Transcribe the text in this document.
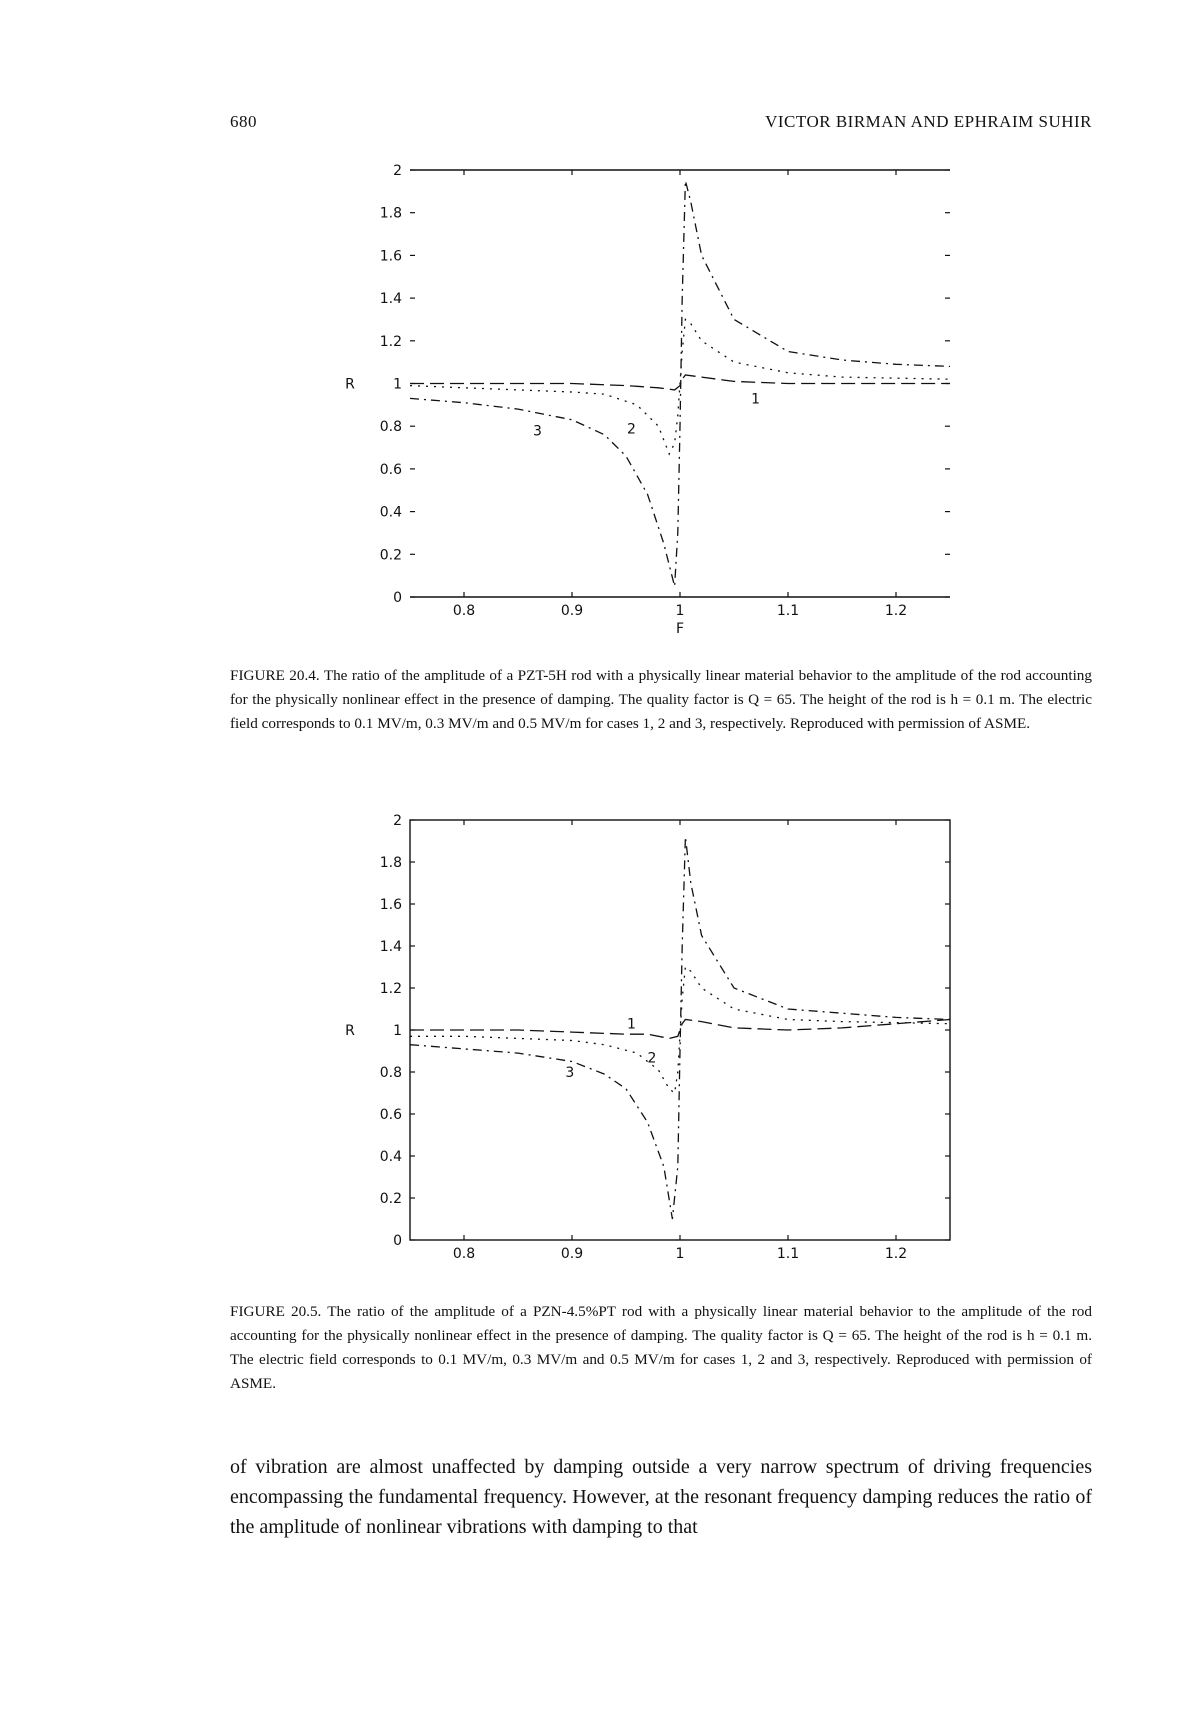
680	VICTOR BIRMAN AND EPHRAIM SUHIR
0
0.2
0.4
0.6
0.8
1
1.2
1.4
1.6
1.8
2
0.8	0.9	1	1.1	1.2
R
F
1
2
3
FIGURE 20.4. The ratio of the amplitude of a PZT-5H rod with a physically linear material behavior to the amplitude of the rod accounting for the physically nonlinear effect in the presence of damping. The quality factor is Q = 65. The height of the rod is h = 0.1 m. The electric field corresponds to 0.1 MV/m, 0.3 MV/m and 0.5 MV/m for cases 1, 2 and 3, respectively. Reproduced with permission of ASME.
0
0.2
0.4
0.6
0.8
1
1.2
1.4
1.6
1.8
2
0.8	0.9	1	1.1	1.2
R	1
2
3
FIGURE 20.5. The ratio of the amplitude of a PZN-4.5%PT rod with a physically linear material behavior to the amplitude of the rod accounting for the physically nonlinear effect in the presence of damping. The quality factor is Q = 65. The height of the rod is h = 0.1 m. The electric field corresponds to 0.1 MV/m, 0.3 MV/m and 0.5 MV/m for cases 1, 2 and 3, respectively. Reproduced with permission of ASME.
of vibration are almost unaffected by damping outside a very narrow spectrum of driving frequencies encompassing the fundamental frequency. However, at the resonant frequency damping reduces the ratio of the amplitude of nonlinear vibrations with damping to that
